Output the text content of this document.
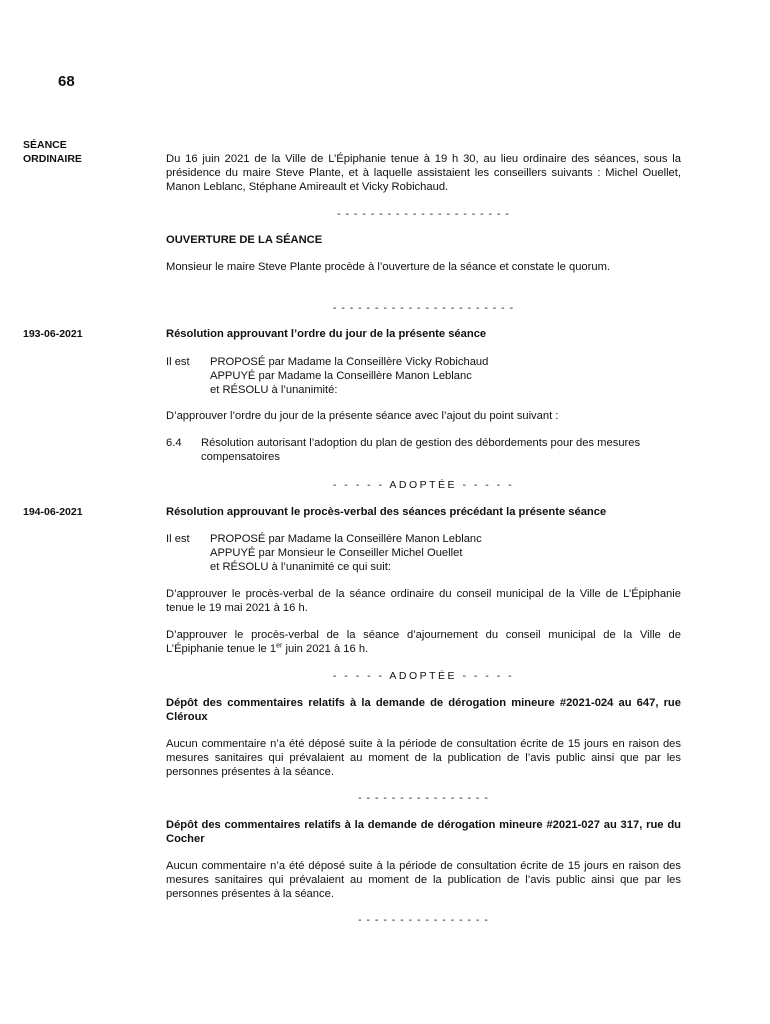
68
SÉANCE
ORDINAIRE
193-06-2021
194-06-2021
Du 16 juin 2021 de la Ville de L’Épiphanie tenue à 19 h 30, au lieu ordinaire des séances, sous la présidence du maire Steve Plante, et à laquelle assistaient les conseillers suivants : Michel Ouellet, Manon Leblanc, Stéphane Amireault et Vicky Robichaud.
- - - - - - - - - - - - - - - - - - - - -
OUVERTURE DE LA SÉANCE
Monsieur le maire Steve Plante procède à l’ouverture de la séance et constate le quorum.
- - - - - - - - - - - - - - - - - - - - - -
Résolution approuvant l’ordre du jour de la présente séance
Il est PROPOSÉ par Madame la Conseillère Vicky Robichaud
APPUYÉ par Madame la Conseillère Manon Leblanc
et RÉSOLU à l’unanimité:
D’approuver l’ordre du jour de la présente séance avec l’ajout du point suivant :
6.4 Résolution autorisant l’adoption du plan de gestion des débordements pour des mesures compensatoires
- - - - - ADOPTÉE - - - - -
Résolution approuvant le procès-verbal des séances précédant la présente séance
Il est PROPOSÉ par Madame la Conseillère Manon Leblanc
APPUYÉ par Monsieur le Conseiller Michel Ouellet
et RÉSOLU à l’unanimité ce qui suit:
D’approuver le procès-verbal de la séance ordinaire du conseil municipal de la Ville de L’Épiphanie tenue le 19 mai 2021 à 16 h.
D’approuver le procès-verbal de la séance d’ajournement du conseil municipal de la Ville de L’Épiphanie tenue le 1er juin 2021 à 16 h.
- - - - - ADOPTÉE - - - - -
Dépôt des commentaires relatifs à la demande de dérogation mineure #2021-024 au 647, rue Cléroux
Aucun commentaire n’a été déposé suite à la période de consultation écrite de 15 jours en raison des mesures sanitaires qui prévalaient au moment de la publication de l’avis public ainsi que par les personnes présentes à la séance.
- - - - - - - - - - - - - - - -
Dépôt des commentaires relatifs à la demande de dérogation mineure #2021-027 au 317, rue du Cocher
Aucun commentaire n’a été déposé suite à la période de consultation écrite de 15 jours en raison des mesures sanitaires qui prévalaient au moment de la publication de l’avis public ainsi que par les personnes présentes à la séance.
- - - - - - - - - - - - - - - -
